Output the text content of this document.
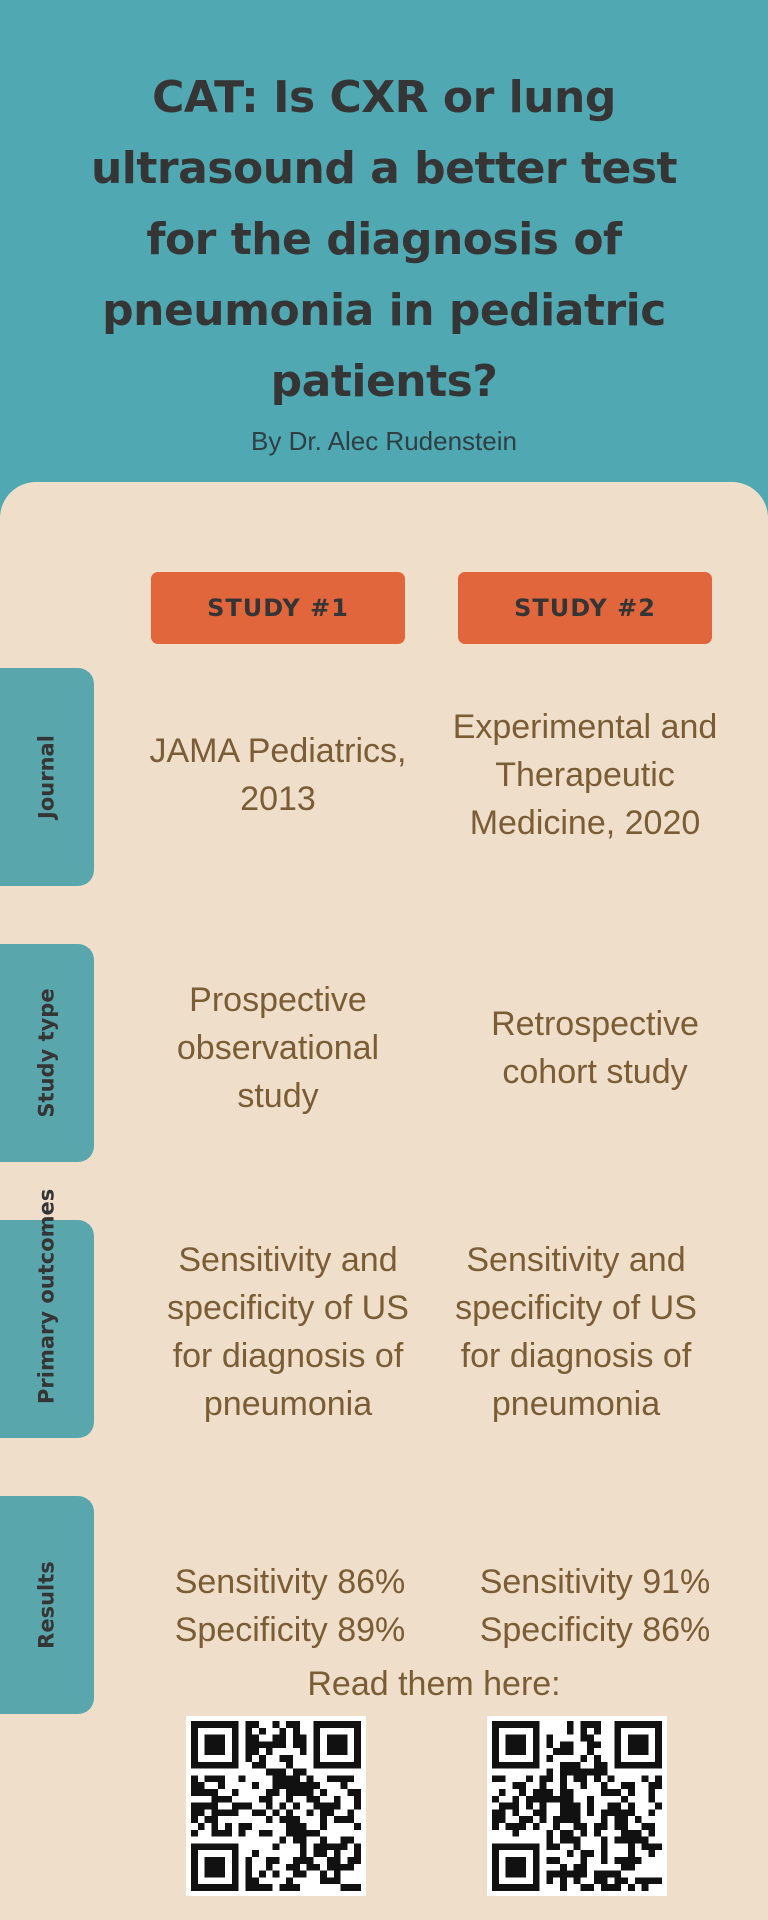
CAT: Is CXR or lung ultrasound a better test for the diagnosis of pneumonia in pediatric patients?
By Dr. Alec Rudenstein
STUDY #1	STUDY #2
Journal
Study type
Primary outcomes
Results
JAMA Pediatrics, 2013
Experimental and Therapeutic Medicine, 2020
Prospective observational study
Retrospective cohort study
Sensitivity and specificity of US for diagnosis of pneumonia
Sensitivity and specificity of US for diagnosis of pneumonia
Sensitivity 86% Specificity 89%
Sensitivity 91% Specificity 86%
Read them here:
